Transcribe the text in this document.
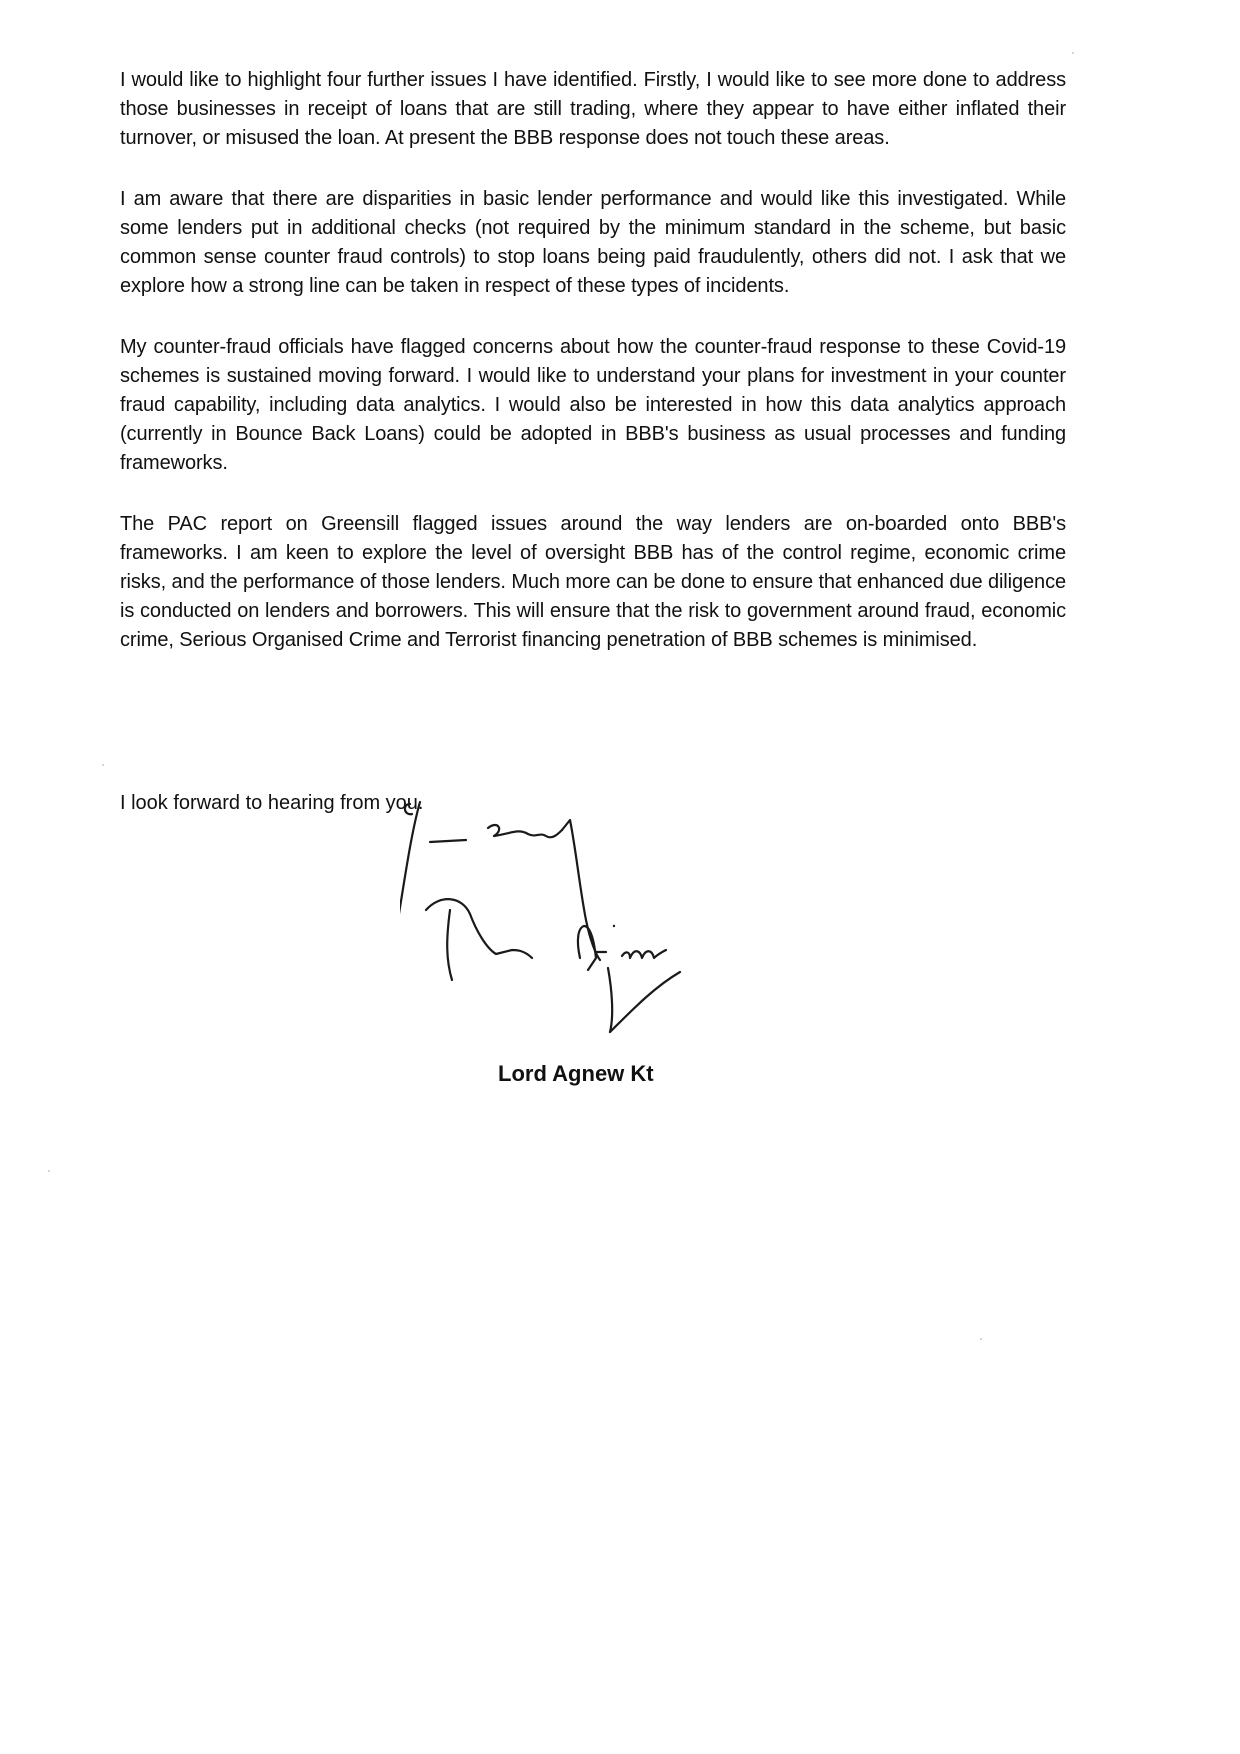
I would like to highlight four further issues I have identified. Firstly, I would like to see more done to address those businesses in receipt of loans that are still trading, where they appear to have either inflated their turnover, or misused the loan. At present the BBB response does not touch these areas.

I am aware that there are disparities in basic lender performance and would like this investigated. While some lenders put in additional checks (not required by the minimum standard in the scheme, but basic common sense counter fraud controls) to stop loans being paid fraudulently, others did not. I ask that we explore how a strong line can be taken in respect of these types of incidents.

My counter-fraud officials have flagged concerns about how the counter-fraud response to these Covid-19 schemes is sustained moving forward. I would like to understand your plans for investment in your counter fraud capability, including data analytics. I would also be interested in how this data analytics approach (currently in Bounce Back Loans) could be adopted in BBB's business as usual processes and funding frameworks.

The PAC report on Greensill flagged issues around the way lenders are on-boarded onto BBB's frameworks. I am keen to explore the level of oversight BBB has of the control regime, economic crime risks, and the performance of those lenders. Much more can be done to ensure that enhanced due diligence is conducted on lenders and borrowers. This will ensure that the risk to government around fraud, economic crime, Serious Organised Crime and Terrorist financing penetration of BBB schemes is minimised.

I look forward to hearing from you.

Lord Agnew Kt
